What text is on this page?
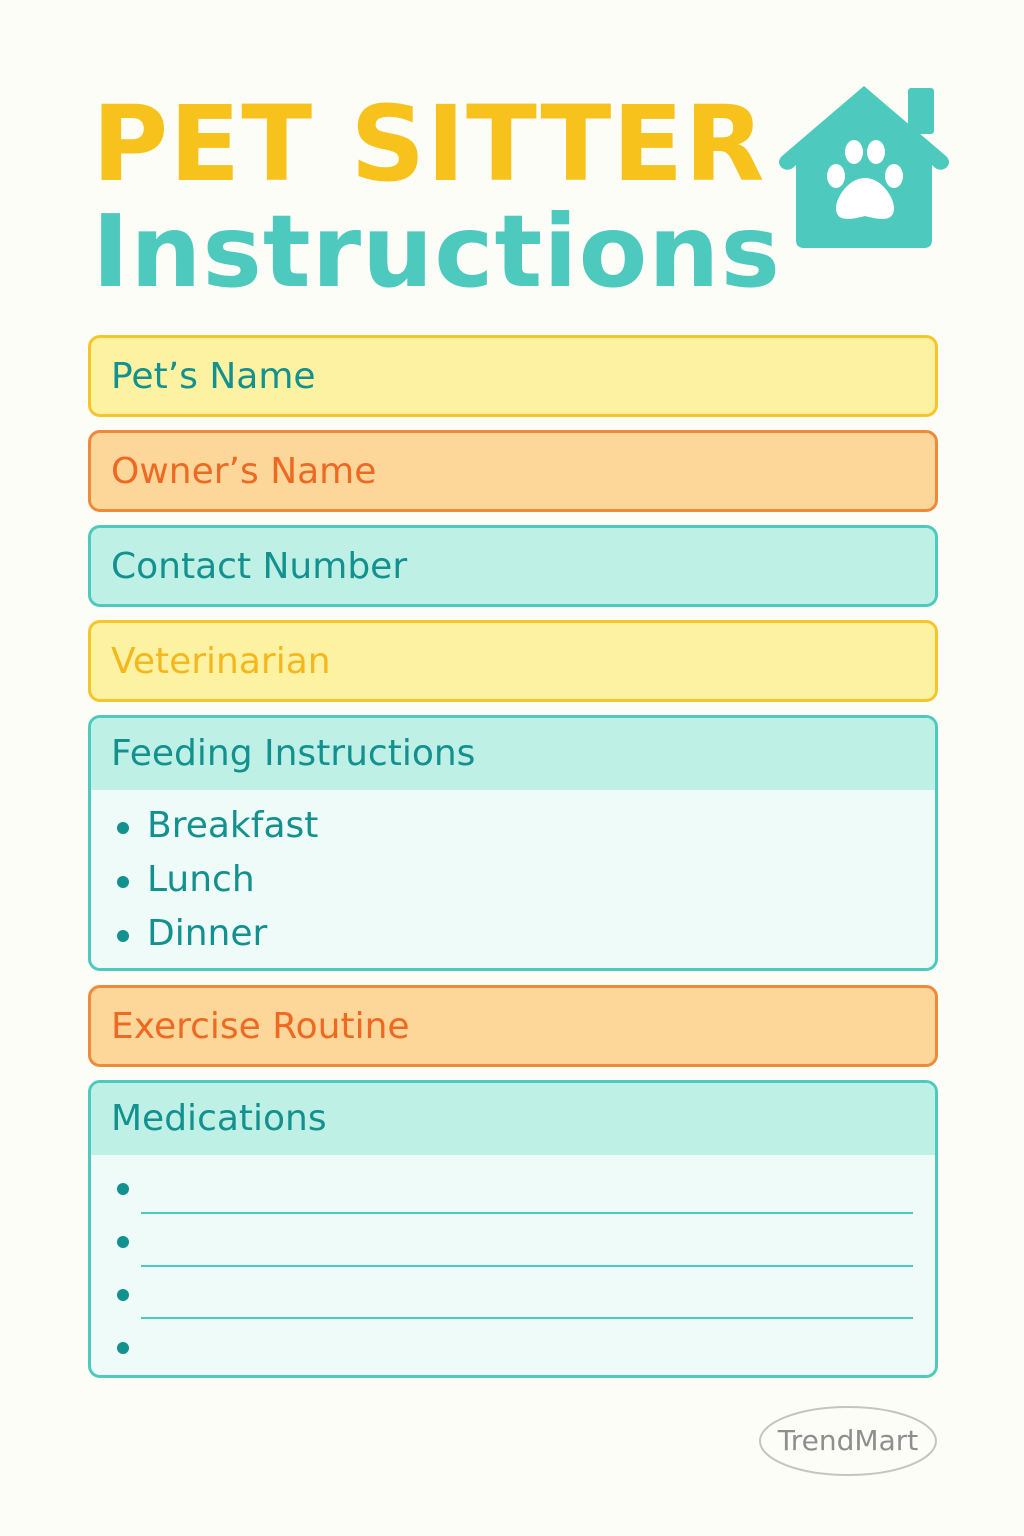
PET SITTER
Instructions
Pet’s Name
Owner’s Name
Contact Number
Veterinarian
Feeding Instructions
Breakfast
Lunch
Dinner
Exercise Routine
Medications
TrendMart
